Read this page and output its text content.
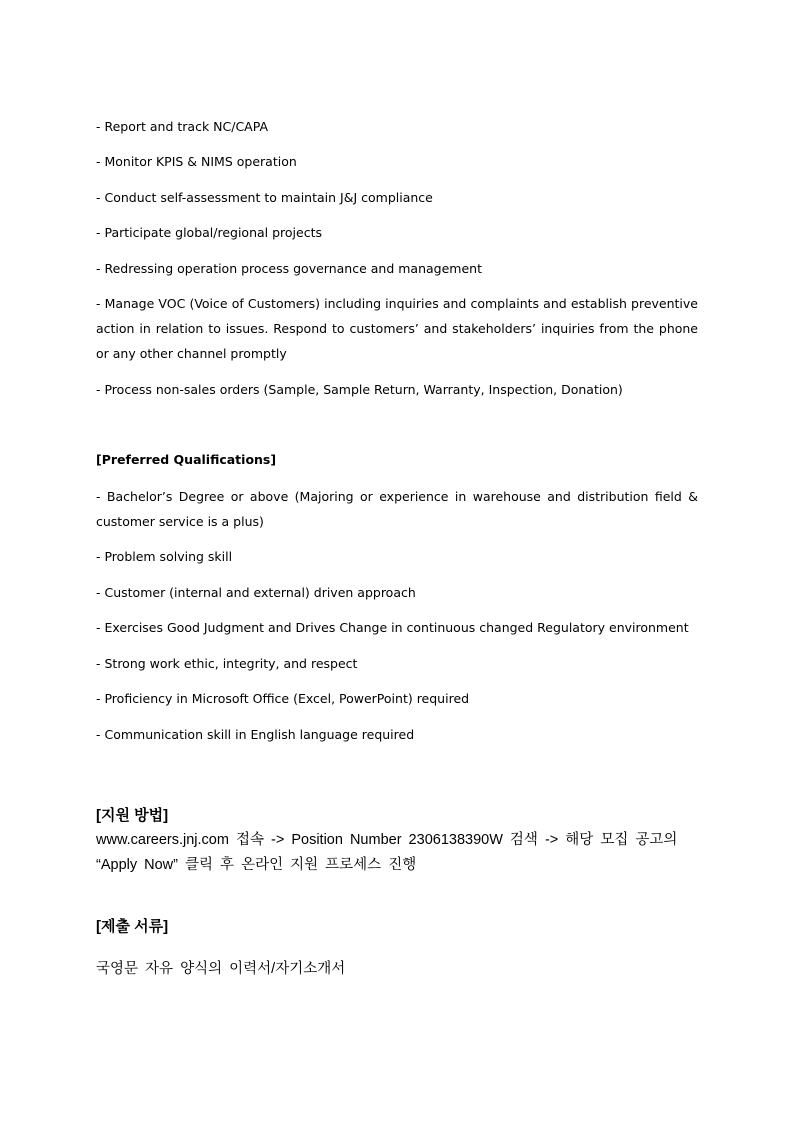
- Report and track NC/CAPA

- Monitor KPIS & NIMS operation

- Conduct self-assessment to maintain J&J compliance

- Participate global/regional projects

- Redressing operation process governance and management

- Manage VOC (Voice of Customers) including inquiries and complaints and establish preventive action in relation to issues. Respond to customers’ and stakeholders’ inquiries from the phone or any other channel promptly

- Process non-sales orders (Sample, Sample Return, Warranty, Inspection, Donation)

[Preferred Qualifications]

- Bachelor’s Degree or above (Majoring or experience in warehouse and distribution field & customer service is a plus)

- Problem solving skill

- Customer (internal and external) driven approach

- Exercises Good Judgment and Drives Change in continuous changed Regulatory environment

- Strong work ethic, integrity, and respect

- Proficiency in Microsoft Office (Excel, PowerPoint) required

- Communication skill in English language required

[지원 방법]

www.careers.jnj.com 접속 -> Position Number 2306138390W 검색 -> 해당 모집 공고의

“Apply Now” 클릭 후 온라인 지원 프로세스 진행

[제출 서류]

국영문 자유 양식의 이력서/자기소개서
